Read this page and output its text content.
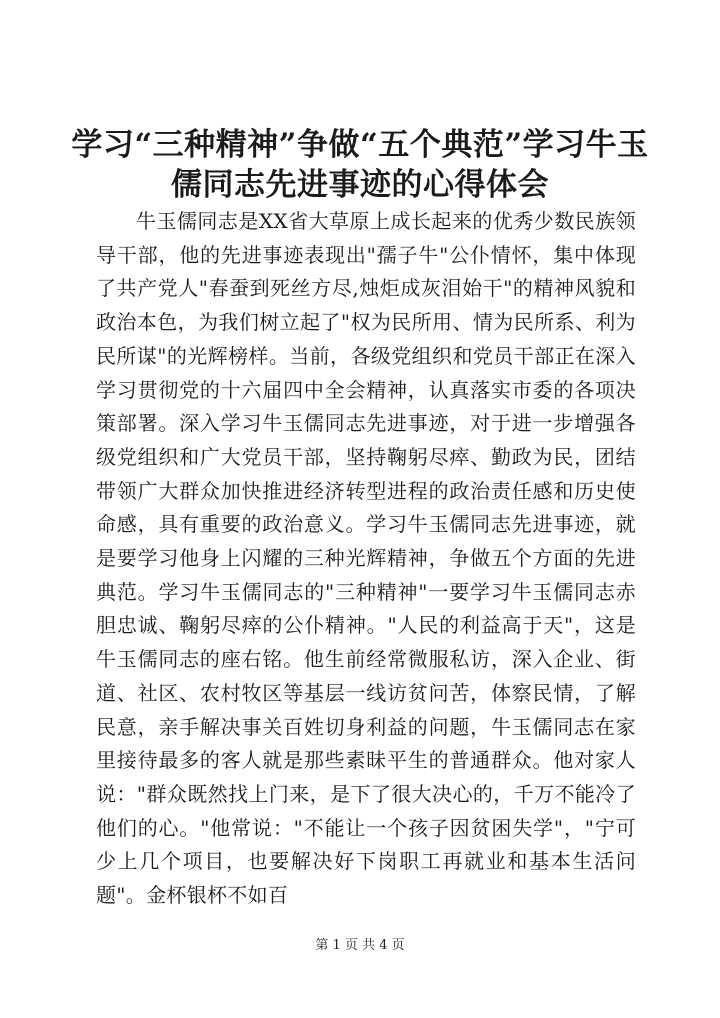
学习“三种精神”争做“五个典范”学习牛玉儒同志先进事迹的心得体会

牛玉儒同志是XX省大草原上成长起来的优秀少数民族领导干部，他的先进事迹表现出"孺子牛"公仆情怀，集中体现了共产党人"春蚕到死丝方尽,烛炬成灰泪始干"的精神风貌和政治本色，为我们树立起了"权为民所用、情为民所系、利为民所谋"的光辉榜样。当前，各级党组织和党员干部正在深入学习贯彻党的十六届四中全会精神，认真落实市委的各项决策部署。深入学习牛玉儒同志先进事迹，对于进一步增强各级党组织和广大党员干部，坚持鞠躬尽瘁、勤政为民，团结带领广大群众加快推进经济转型进程的政治责任感和历史使命感，具有重要的政治意义。学习牛玉儒同志先进事迹，就是要学习他身上闪耀的三种光辉精神，争做五个方面的先进典范。学习牛玉儒同志的"三种精神"一要学习牛玉儒同志赤胆忠诚、鞠躬尽瘁的公仆精神。"人民的利益高于天"，这是牛玉儒同志的座右铭。他生前经常微服私访，深入企业、街道、社区、农村牧区等基层一线访贫问苦，体察民情，了解民意，亲手解决事关百姓切身利益的问题，牛玉儒同志在家里接待最多的客人就是那些素昧平生的普通群众。他对家人说："群众既然找上门来，是下了很大决心的，千万不能冷了他们的心。"他常说："不能让一个孩子因贫困失学"，"宁可少上几个项目，也要解决好下岗职工再就业和基本生活问题"。金杯银杯不如百

第 1 页 共 4 页
